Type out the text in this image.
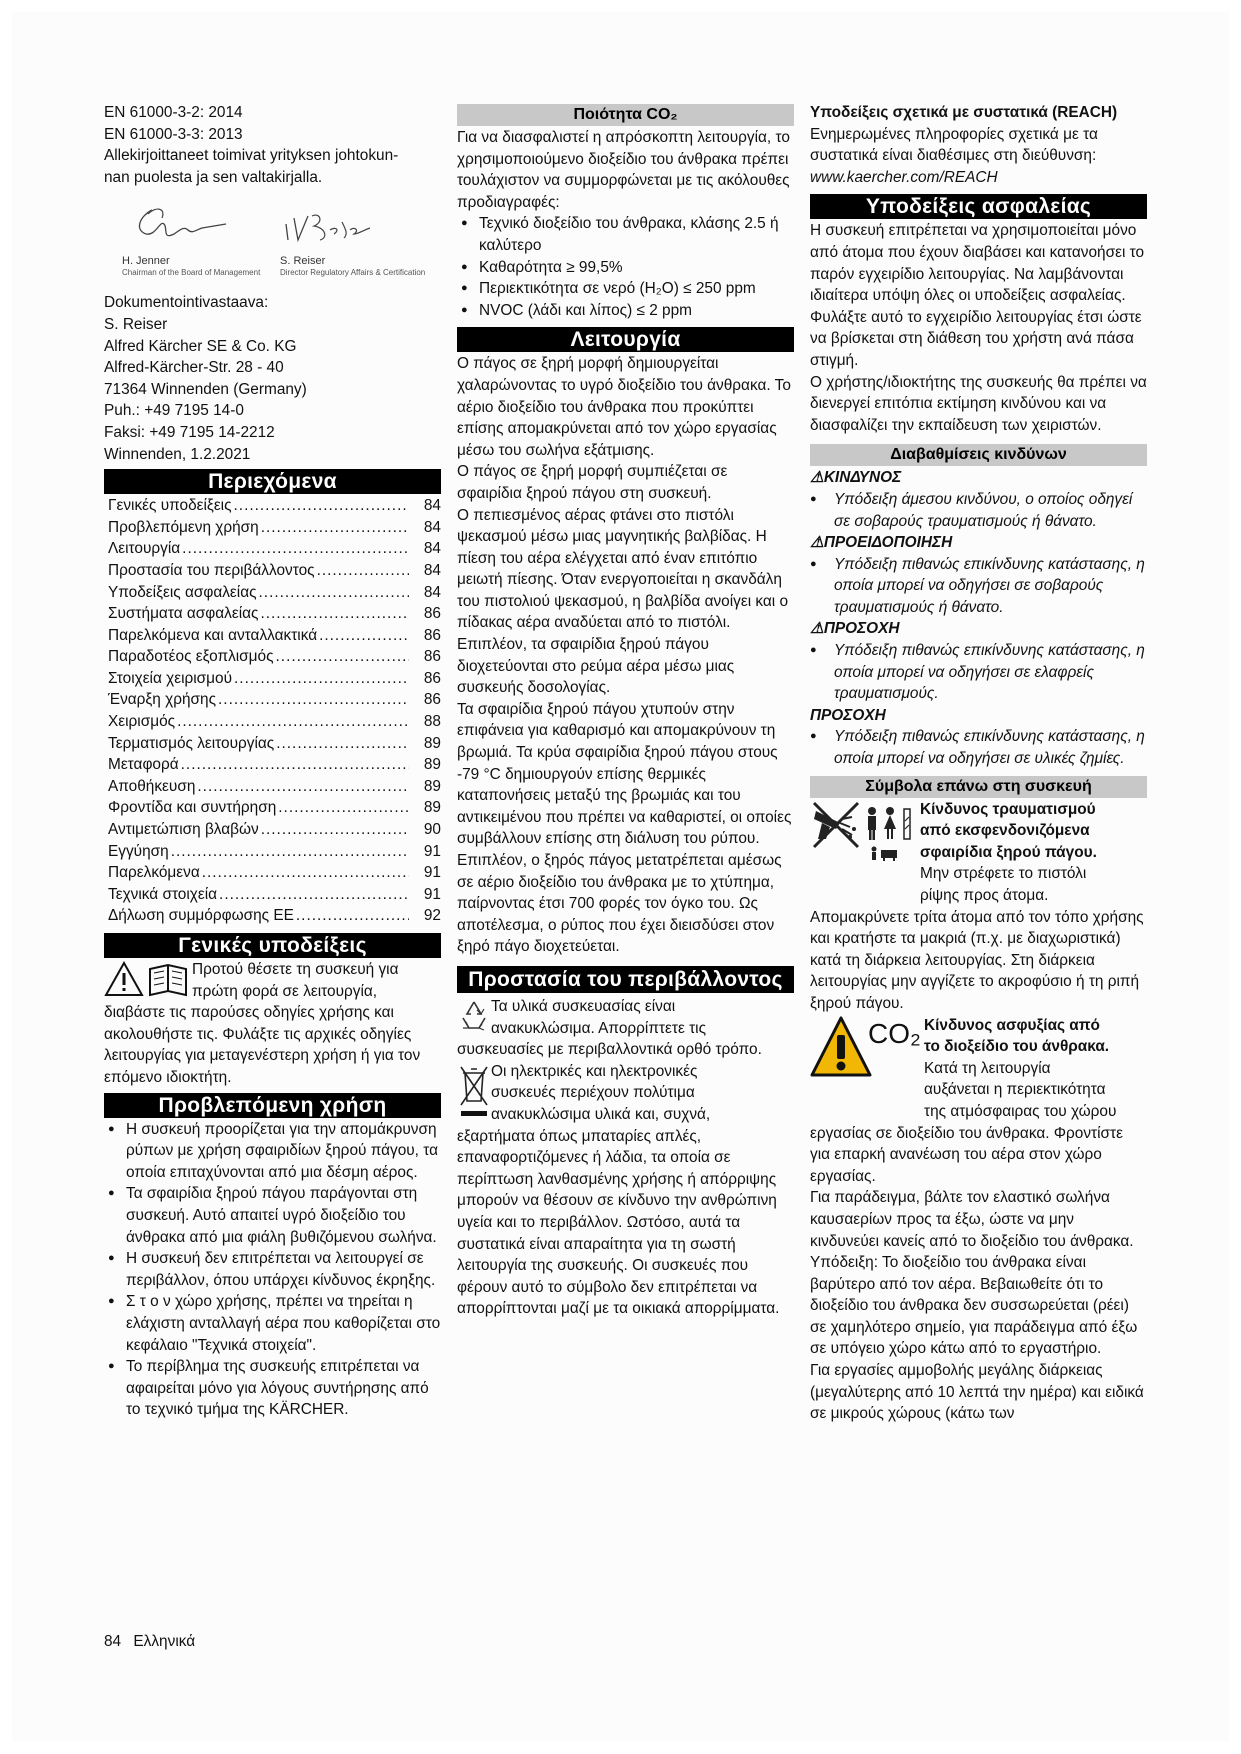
EN 61000-3-2: 2014

EN 61000-3-3: 2013

Allekirjoittaneet toimivat yrityksen johtokun-

nan puolesta ja sen valtakirjalla.

H. Jenner
Chairman of the Board of Management
S. Reiser
Director Regulatory Affairs & Certification

Dokumentointivastaava:

S. Reiser

Alfred Kärcher SE & Co. KG

Alfred-Kärcher-Str. 28 - 40

71364 Winnenden (Germany)

Puh.: +49 7195 14-0

Faksi: +49 7195 14-2212

Winnenden, 1.2.2021

Περιεχόμενα
Γενικές υποδείξεις .....	84
Προβλεπόμενη χρήση .....	84
Λειτουργία .....	84
Προστασία του περιβάλλοντος .....	84
Υποδείξεις ασφαλείας .....	84
Συστήματα ασφαλείας .....	86
Παρελκόμενα και ανταλλακτικά .....	86
Παραδοτέος εξοπλισμός .....	86
Στοιχεία χειρισμού .....	86
Έναρξη χρήσης .....	86
Χειρισμός .....	88
Τερματισμός λειτουργίας .....	89
Μεταφορά .....	89
Αποθήκευση .....	89
Φροντίδα και συντήρηση .....	89
Αντιμετώπιση βλαβών .....	90
Εγγύηση .....	91
Παρελκόμενα .....	91
Τεχνικά στοιχεία .....	91
Δήλωση συμμόρφωσης ΕΕ .....	92
Γενικές υποδείξεις

Προτού θέσετε τη συσκευή για

πρώτη φορά σε λειτουργία,

διαβάστε τις παρούσες οδηγίες χρήσης και ακολουθήστε τις. Φυλάξτε τις αρχικές οδηγίες λειτουργίας για μεταγενέστερη χρήση ή για τον επόμενο ιδιοκτήτη.

Προβλεπόμενη χρήση

● Η συσκευή προορίζεται για την απομάκρυνση ρύπων με χρήση σφαιριδίων ξηρού πάγου, τα οποία επιταχύνονται από μια δέσμη αέρος.

● Τα σφαιρίδια ξηρού πάγου παράγονται στη συσκευή. Αυτό απαιτεί υγρό διοξείδιο του άνθρακα από μια φιάλη βυθιζόμενου σωλήνα.

● Η συσκευή δεν επιτρέπεται να λειτουργεί σε περιβάλλον, όπου υπάρχει κίνδυνος έκρηξης.

● Σ τ ο ν χώρο χρήσης, πρέπει να τηρείται η ελάχιστη ανταλλαγή αέρα που καθορίζεται στο κεφάλαιο "Τεχνικά στοιχεία".

● Το περίβλημα της συσκευής επιτρέπεται να αφαιρείται μόνο για λόγους συντήρησης από το τεχνικό τμήμα της KÄRCHER.

Ποιότητα CO₂

Για να διασφαλιστεί η απρόσκοπτη λειτουργία, το χρησιμοποιούμενο διοξείδιο του άνθρακα πρέπει τουλάχιστον να συμμορφώνεται με τις ακόλουθες προδιαγραφές:

● Τεχνικό διοξείδιο του άνθρακα, κλάσης 2.5 ή καλύτερο

● Καθαρότητα ≥ 99,5%

● Περιεκτικότητα σε νερό (H₂O) ≤ 250 ppm

● NVOC (λάδι και λίπος) ≤ 2 ppm

Λειτουργία

Ο πάγος σε ξηρή μορφή δημιουργείται χαλαρώνοντας το υγρό διοξείδιο του άνθρακα. Το αέριο διοξείδιο του άνθρακα που προκύπτει επίσης απομακρύνεται από τον χώρο εργασίας μέσω του σωλήνα εξάτμισης.

Ο πάγος σε ξηρή μορφή συμπιέζεται σε σφαιρίδια ξηρού πάγου στη συσκευή.

Ο πεπιεσμένος αέρας φτάνει στο πιστόλι ψεκασμού μέσω μιας μαγνητικής βαλβίδας. Η πίεση του αέρα ελέγχεται από έναν επιτόπιο μειωτή πίεσης. Όταν ενεργοποιείται η σκανδάλη του πιστολιού ψεκασμού, η βαλβίδα ανοίγει και ο πίδακας αέρα αναδύεται από το πιστόλι. Επιπλέον, τα σφαιρίδια ξηρού πάγου διοχετεύονται στο ρεύμα αέρα μέσω μιας συσκευής δοσολογίας.

Τα σφαιρίδια ξηρού πάγου χτυπούν στην επιφάνεια για καθαρισμό και απομακρύνουν τη βρωμιά. Τα κρύα σφαιρίδια ξηρού πάγου στους -79 °C δημιουργούν επίσης θερμικές καταπονήσεις μεταξύ της βρωμιάς και του αντικειμένου που πρέπει να καθαριστεί, οι οποίες συμβάλλουν επίσης στη διάλυση του ρύπου. Επιπλέον, ο ξηρός πάγος μετατρέπεται αμέσως σε αέριο διοξείδιο του άνθρακα με το χτύπημα, παίρνοντας έτσι 700 φορές τον όγκο του. Ως αποτέλεσμα, ο ρύπος που έχει διεισδύσει στον ξηρό πάγο διοχετεύεται.

Προστασία του περιβάλλοντος

Τα υλικά συσκευασίας είναι

ανακυκλώσιμα. Απορρίπτετε τις

συσκευασίες με περιβαλλοντικά ορθό τρόπο.

Οι ηλεκτρικές και ηλεκτρονικές

συσκευές περιέχουν πολύτιμα

ανακυκλώσιμα υλικά και, συχνά,

εξαρτήματα όπως μπαταρίες απλές, επαναφορτιζόμενες ή λάδια, τα οποία σε περίπτωση λανθασμένης χρήσης ή απόρριψης μπορούν να θέσουν σε κίνδυνο την ανθρώπινη υγεία και το περιβάλλον. Ωστόσο, αυτά τα συστατικά είναι απαραίτητα για τη σωστή λειτουργία της συσκευής. Οι συσκευές που φέρουν αυτό το σύμβολο δεν επιτρέπεται να απορρίπτονται μαζί με τα οικιακά απορρίμματα.

Υποδείξεις σχετικά με συστατικά (REACH)

Ενημερωμένες πληροφορίες σχετικά με τα συστατικά είναι διαθέσιμες στη διεύθυνση:

www.kaercher.com/REACH

Υποδείξεις ασφαλείας

Η συσκευή επιτρέπεται να χρησιμοποιείται μόνο από άτομα που έχουν διαβάσει και κατανοήσει το παρόν εγχειρίδιο λειτουργίας. Να λαμβάνονται ιδιαίτερα υπόψη όλες οι υποδείξεις ασφαλείας. Φυλάξτε αυτό το εγχειρίδιο λειτουργίας έτσι ώστε να βρίσκεται στη διάθεση του χρήστη ανά πάσα στιγμή.

Ο χρήστης/ιδιοκτήτης της συσκευής θα πρέπει να διενεργεί επιτόπια εκτίμηση κινδύνου και να διασφαλίζει την εκπαίδευση των χειριστών.

Διαβαθμίσεις κινδύνων

⚠ΚΙΝΔΥΝΟΣ

● Υπόδειξη άμεσου κινδύνου, ο οποίος οδηγεί σε σοβαρούς τραυματισμούς ή θάνατο.

⚠ΠΡΟΕΙΔΟΠΟΙΗΣΗ

● Υπόδειξη πιθανώς επικίνδυνης κατάστασης, η οποία μπορεί να οδηγήσει σε σοβαρούς τραυματισμούς ή θάνατο.

⚠ΠΡΟΣΟΧΗ

● Υπόδειξη πιθανώς επικίνδυνης κατάστασης, η οποία μπορεί να οδηγήσει σε ελαφρείς τραυματισμούς.

ΠΡΟΣΟΧΗ

● Υπόδειξη πιθανώς επικίνδυνης κατάστασης, η οποία μπορεί να οδηγήσει σε υλικές ζημίες.

Σύμβολα επάνω στη συσκευή

Κίνδυνος τραυματισμού

από εκσφενδονιζόμενα

σφαιρίδια ξηρού πάγου.

Μην στρέφετε το πιστόλι

ρίψης προς άτομα.

Απομακρύνετε τρίτα άτομα από τον τόπο χρήσης και κρατήστε τα μακριά (π.χ. με διαχωριστικά) κατά τη διάρκεια λειτουργίας. Στη διάρκεια λειτουργίας μην αγγίζετε το ακροφύσιο ή τη ριπή ξηρού πάγου.

CO₂ Κίνδυνος ασφυξίας από

το διοξείδιο του άνθρακα.

Κατά τη λειτουργία

αυξάνεται η περιεκτικότητα

της ατμόσφαιρας του χώρου

εργασίας σε διοξείδιο του άνθρακα. Φροντίστε για επαρκή ανανέωση του αέρα στον χώρο εργασίας.

Για παράδειγμα, βάλτε τον ελαστικό σωλήνα καυσαερίων προς τα έξω, ώστε να μην κινδυνεύει κανείς από το διοξείδιο του άνθρακα.

Υπόδειξη: Το διοξείδιο του άνθρακα είναι βαρύτερο από τον αέρα. Βεβαιωθείτε ότι το διοξείδιο του άνθρακα δεν συσσωρεύεται (ρέει) σε χαμηλότερο σημείο, για παράδειγμα από έξω σε υπόγειο χώρο κάτω από το εργαστήριο.

Για εργασίες αμμοβολής μεγάλης διάρκειας (μεγαλύτερης από 10 λεπτά την ημέρα) και ειδικά σε μικρούς χώρους (κάτω των

84 Ελληνικά
